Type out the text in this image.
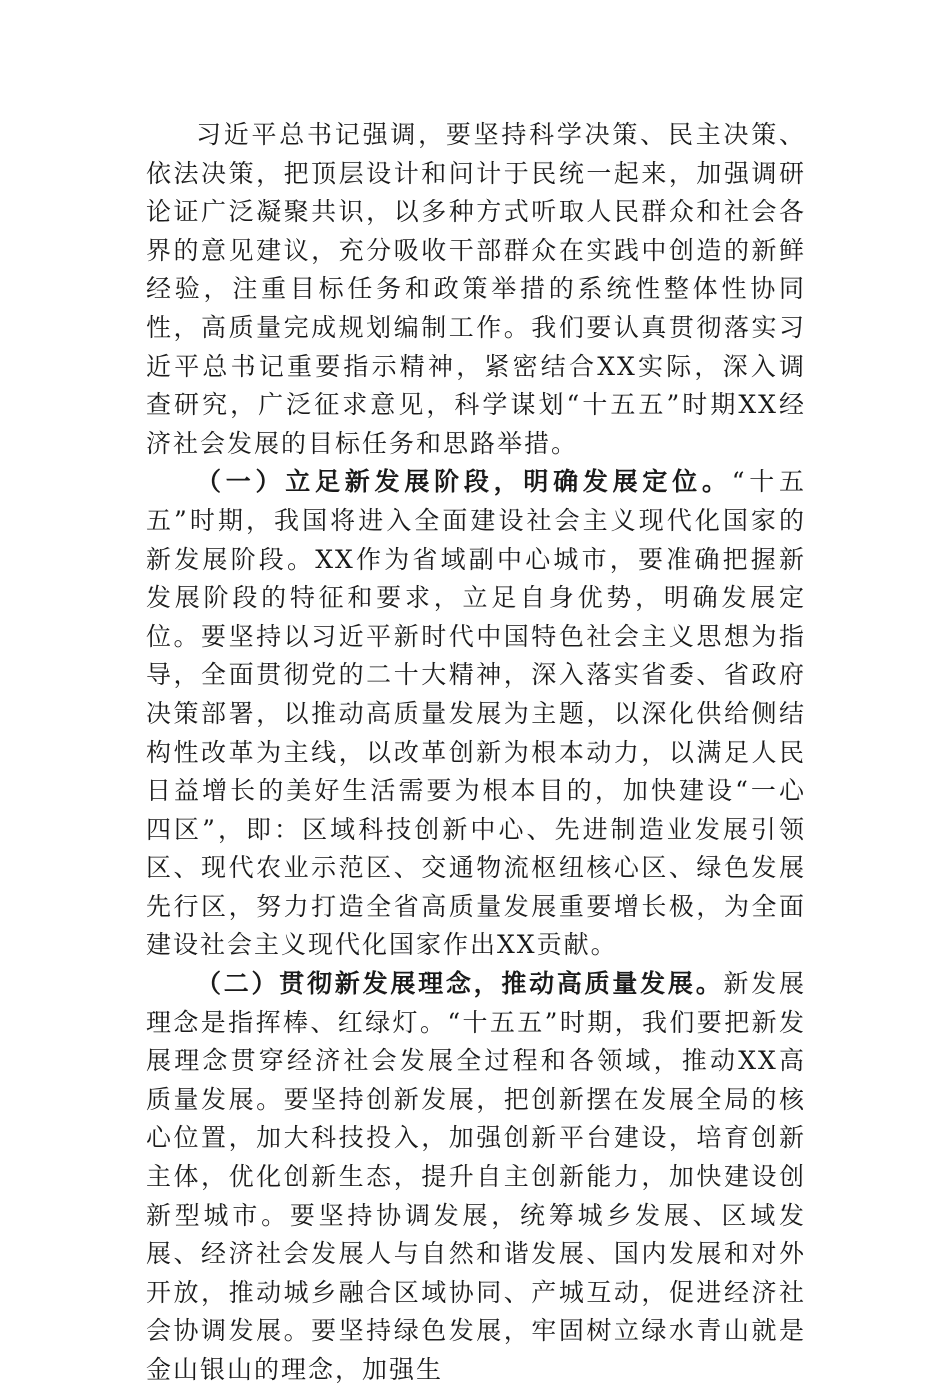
习近平总书记强调，要坚持科学决策、民主决策、依法决策，把顶层设计和问计于民统一起来，加强调研论证广泛凝聚共识，以多种方式听取人民群众和社会各界的意见建议，充分吸收干部群众在实践中创造的新鲜经验，注重目标任务和政策举措的系统性整体性协同性，高质量完成规划编制工作。我们要认真贯彻落实习近平总书记重要指示精神，紧密结合XX实际，深入调查研究，广泛征求意见，科学谋划“十五五”时期XX经济社会发展的目标任务和思路举措。

（一）立足新发展阶段，明确发展定位。“十五五”时期，我国将进入全面建设社会主义现代化国家的新发展阶段。XX作为省域副中心城市，要准确把握新发展阶段的特征和要求，立足自身优势，明确发展定位。要坚持以习近平新时代中国特色社会主义思想为指导，全面贯彻党的二十大精神，深入落实省委、省政府决策部署，以推动高质量发展为主题，以深化供给侧结构性改革为主线，以改革创新为根本动力，以满足人民日益增长的美好生活需要为根本目的，加快建设“一心四区”，即：区域科技创新中心、先进制造业发展引领区、现代农业示范区、交通物流枢纽核心区、绿色发展先行区，努力打造全省高质量发展重要增长极，为全面建设社会主义现代化国家作出XX贡献。

（二）贯彻新发展理念，推动高质量发展。新发展理念是指挥棒、红绿灯。“十五五”时期，我们要把新发展理念贯穿经济社会发展全过程和各领域，推动XX高质量发展。要坚持创新发展，把创新摆在发展全局的核心位置，加大科技投入，加强创新平台建设，培育创新主体，优化创新生态，提升自主创新能力，加快建设创新型城市。要坚持协调发展，统筹城乡发展、区域发展、经济社会发展人与自然和谐发展、国内发展和对外开放，推动城乡融合区域协同、产城互动，促进经济社会协调发展。要坚持绿色发展，牢固树立绿水青山就是金山银山的理念，加强生
